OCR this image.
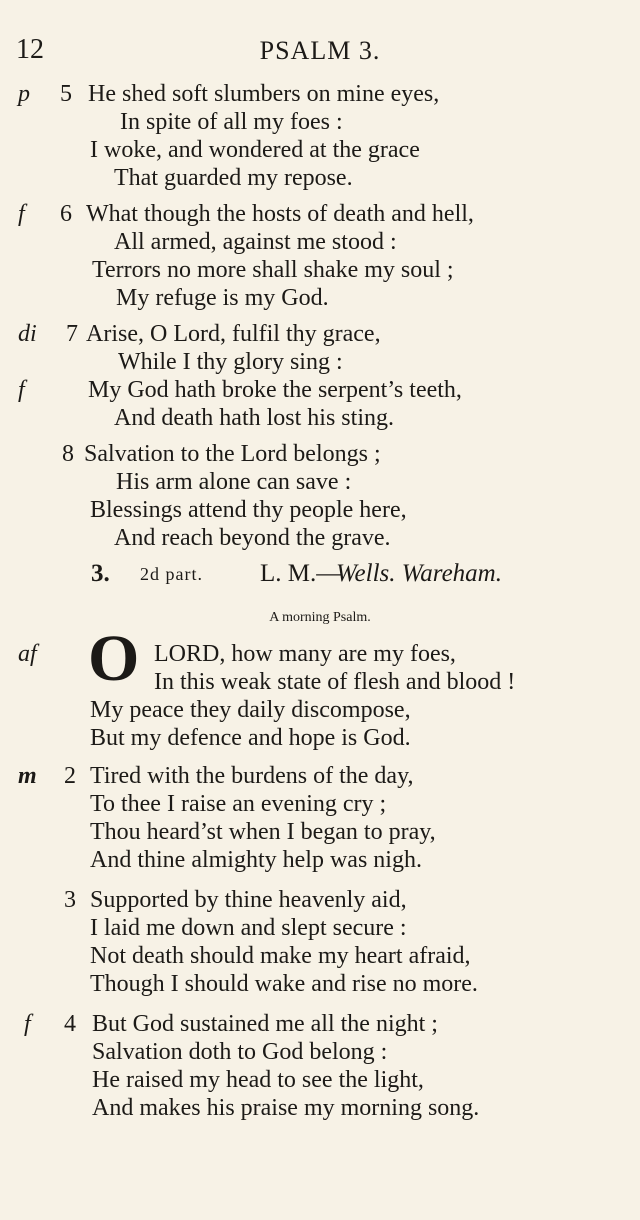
12	PSALM 3.
p 5 He shed soft slumbers on mine eyes,
In spite of all my foes :
I woke, and wondered at the grace
That guarded my repose.
f 6 What though the hosts of death and hell,
All armed, against me stood :
Terrors no more shall shake my soul ;
My refuge is my God.
di 7 Arise, O Lord, fulfil thy grace,
While I thy glory sing :
f	My God hath broke the serpent’s teeth,
And death hath lost his sting.
8 Salvation to the Lord belongs ;
His arm alone can save :
Blessings attend thy people here,
And reach beyond the grave.
3. 2d part. L. M.—
Wells. Wareham.
A morning Psalm.
af O LORD, how many are my foes,
In this weak state of flesh and blood !
My peace they daily discompose,
But my defence and hope is God.
m 2 Tired with the burdens of the day,
To thee I raise an evening cry ;
Thou heard’st when I began to pray,
And thine almighty help was nigh.
3 Supported by thine heavenly aid,
I laid me down and slept secure :
Not death should make my heart afraid,
Though I should wake and rise no more.
f 4 But God sustained me all the night ;
Salvation doth to God belong :
He raised my head to see the light,
And makes his praise my morning song.
